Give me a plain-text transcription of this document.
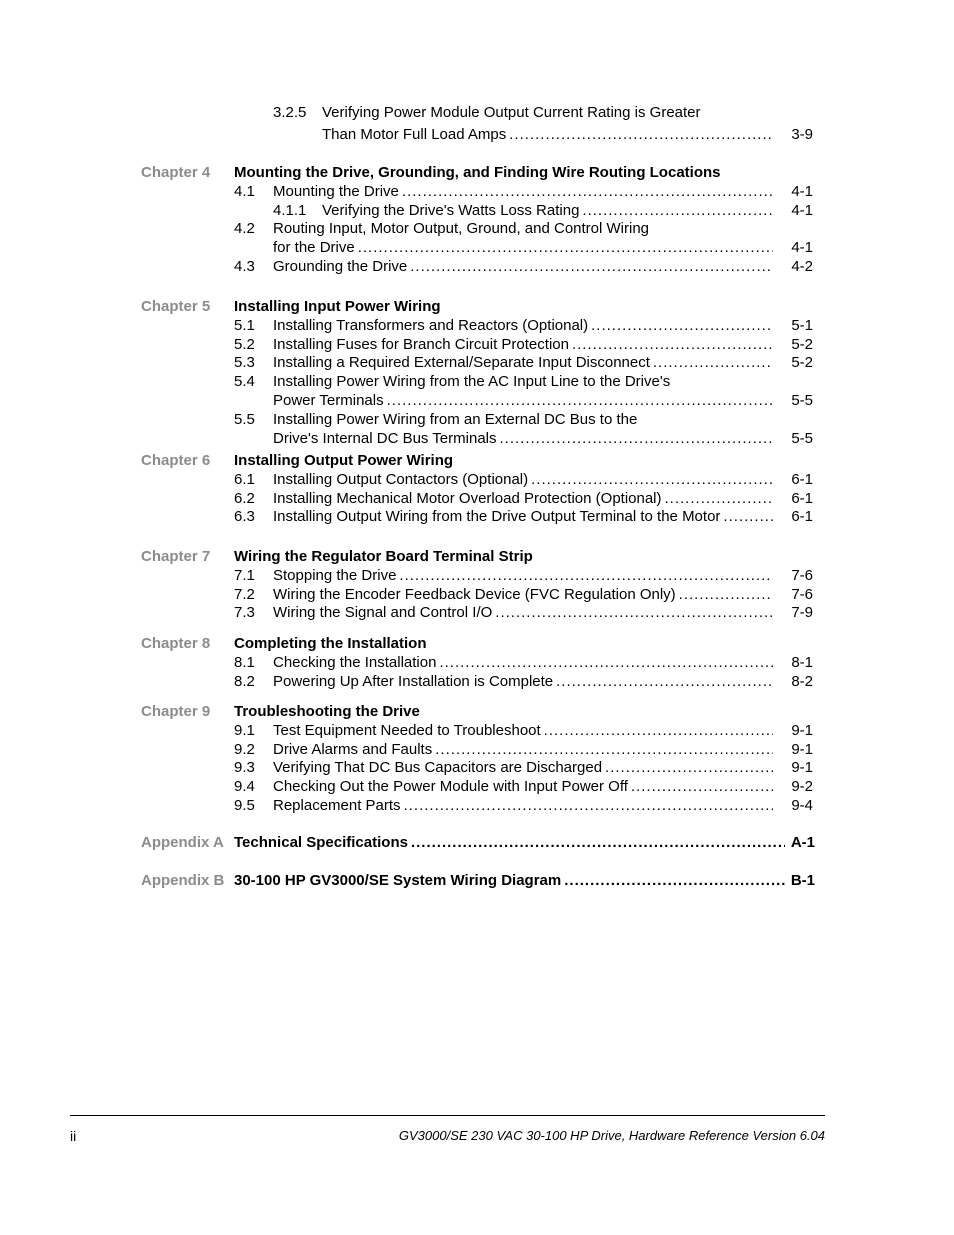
3.2.5 Verifying Power Module Output Current Rating is Greater
Than Motor Full Load Amps .....	3-9
Chapter 4 Mounting the Drive, Grounding, and Finding Wire Routing Locations
4.1 Mounting the Drive .....	4-1
4.1.1 Verifying the Drive's Watts Loss Rating .....	4-1
4.2 Routing Input, Motor Output, Ground, and Control Wiring
for the Drive .....	4-1
4.3 Grounding the Drive .....	4-2
Chapter 5 Installing Input Power Wiring
5.1 Installing Transformers and Reactors (Optional) .....	5-1
5.2 Installing Fuses for Branch Circuit Protection .....	5-2
5.3 Installing a Required External/Separate Input Disconnect .....	5-2
5.4 Installing Power Wiring from the AC Input Line to the Drive's
Power Terminals .....	5-5
5.5 Installing Power Wiring from an External DC Bus to the
Drive's Internal DC Bus Terminals .....	5-5
Chapter 6 Installing Output Power Wiring
6.1 Installing Output Contactors (Optional) .....	6-1
6.2 Installing Mechanical Motor Overload Protection (Optional) .....	6-1
6.3 Installing Output Wiring from the Drive Output Terminal to the Motor .....	6-1
Chapter 7 Wiring the Regulator Board Terminal Strip
7.1 Stopping the Drive .....	7-6
7.2 Wiring the Encoder Feedback Device (FVC Regulation Only) .....	7-6
7.3 Wiring the Signal and Control I/O .....	7-9
Chapter 8 Completing the Installation
8.1 Checking the Installation .....	8-1
8.2 Powering Up After Installation is Complete .....	8-2
Chapter 9 Troubleshooting the Drive
9.1 Test Equipment Needed to Troubleshoot .....	9-1
9.2 Drive Alarms and Faults .....	9-1
9.3 Verifying That DC Bus Capacitors are Discharged .....	9-1
9.4 Checking Out the Power Module with Input Power Off .....	9-2
9.5 Replacement Parts .....	9-4
Appendix A Technical Specifications .....	A-1
Appendix B 30-100 HP GV3000/SE System Wiring Diagram .....	B-1
ii	GV3000/SE 230 VAC 30-100 HP Drive, Hardware Reference Version 6.04
